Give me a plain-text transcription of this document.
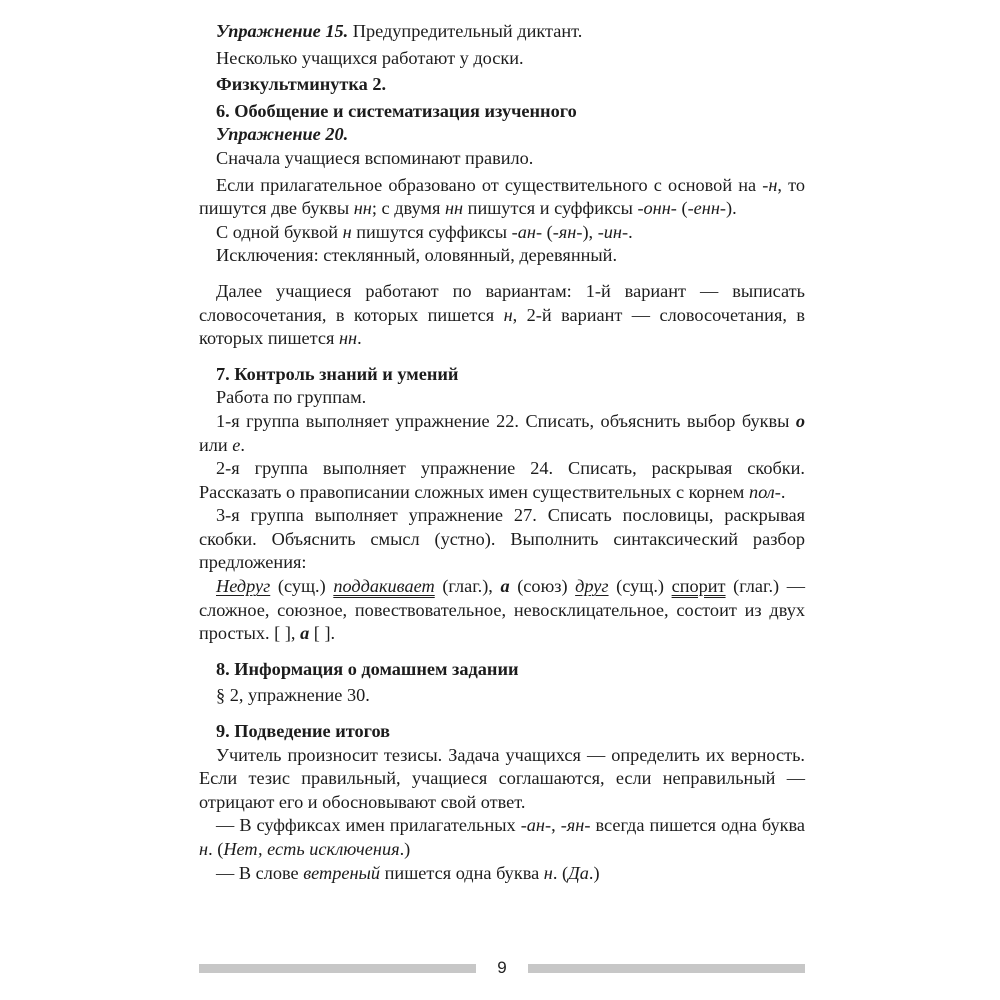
Упражнение 15. Предупредительный диктант.

Несколько учащихся работают у доски.

Физкультминутка 2.

6. Обобщение и систематизация изученного

Упражнение 20.

Сначала учащиеся вспоминают правило.

Если прилагательное образовано от существительного с основой на -н, то пишутся две буквы нн; с двумя нн пишутся и суффиксы -онн- (-енн-).

С одной буквой н пишутся суффиксы -ан- (-ян-), -ин-.

Исключения: стеклянный, оловянный, деревянный.

Далее учащиеся работают по вариантам: 1-й вариант — выписать словосочетания, в которых пишется н, 2-й вариант — словосочетания, в которых пишется нн.

7. Контроль знаний и умений

Работа по группам.

1-я группа выполняет упражнение 22. Списать, объяснить выбор буквы о или е.

2-я группа выполняет упражнение 24. Списать, раскрывая скобки. Рассказать о правописании сложных имен существительных с корнем пол-.

3-я группа выполняет упражнение 27. Списать пословицы, раскрывая скобки. Объяснить смысл (устно). Выполнить синтаксический разбор предложения:

Недруг (сущ.) поддакивает (глаг.), а (союз) друг (сущ.) спорит (глаг.) — сложное, союзное, повествовательное, невосклицательное, состоит из двух простых. [ ], а [ ].

8. Информация о домашнем задании

§ 2, упражнение 30.

9. Подведение итогов

Учитель произносит тезисы. Задача учащихся — определить их верность. Если тезис правильный, учащиеся соглашаются, если неправильный — отрицают его и обосновывают свой ответ.

— В суффиксах имен прилагательных -ан-, -ян- всегда пишется одна буква н. (Нет, есть исключения.)

— В слове ветреный пишется одна буква н. (Да.)

9
